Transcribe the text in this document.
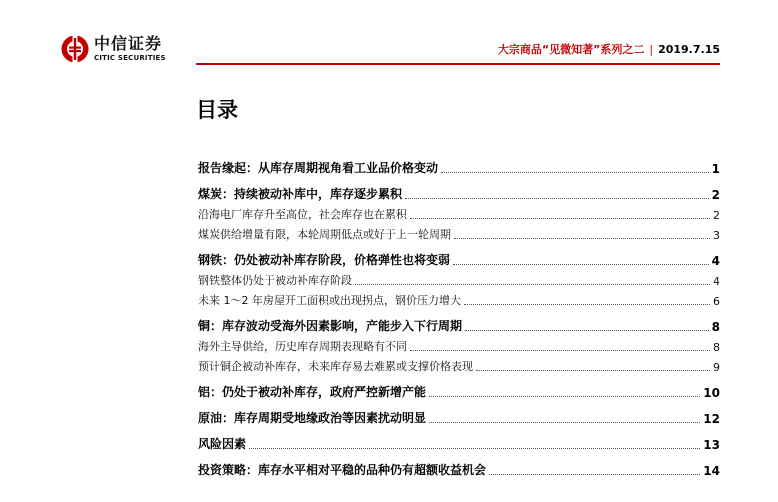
中信证券
CITIC SECURITIES
大宗商品“见微知著”系列之二 | 2019.7.15
目录
报告缘起：从库存周期视角看工业品价格变动	1
煤炭：持续被动补库中，库存逐步累积	2
沿海电厂库存升至高位，社会库存也在累积	2
煤炭供给增量有限，本轮周期低点或好于上一轮周期	3
钢铁：仍处被动补库存阶段，价格弹性也将变弱	4
钢铁整体仍处于被动补库存阶段	4
未来 1～2 年房屋开工面积或出现拐点，钢价压力增大	6
铜：库存波动受海外因素影响，产能步入下行周期	8
海外主导供给，历史库存周期表现略有不同	8
预计铜企被动补库存，未来库存易去难累或支撑价格表现	9
铝：仍处于被动补库存，政府严控新增产能	10
原油：库存周期受地缘政治等因素扰动明显	12
风险因素	13
投资策略：库存水平相对平稳的品种仍有超额收益机会	14
